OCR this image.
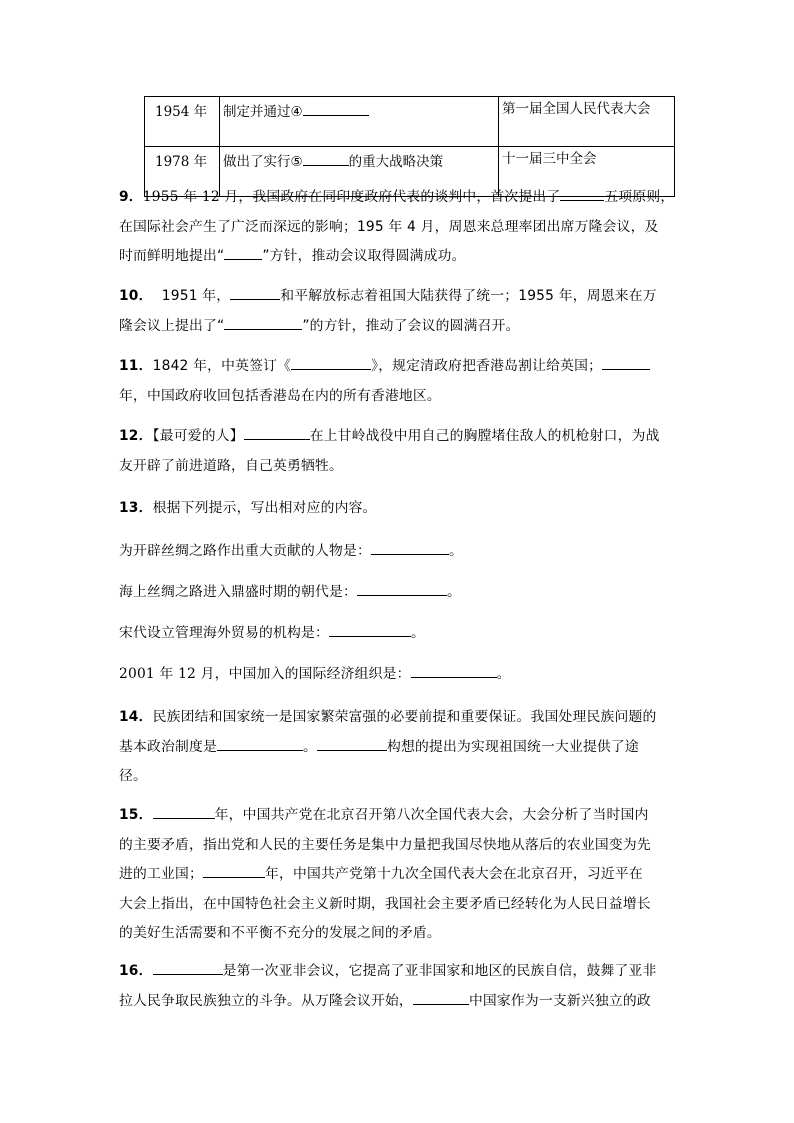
1954 年	制定并通过④	第一届全国人民代表大会
1978 年	做出了实行⑤ 的重大战略决策	十一届三中全会
9．1955 年 12 月，我国政府在同印度政府代表的谈判中，首次提出了	五项原则，
在国际社会产生了广泛而深远的影响；195 年 4 月，周恩来总理率团出席万隆会议，及
时而鲜明地提出“	”方针，推动会议取得圆满成功。
10． 1951 年，	和平解放标志着祖国大陆获得了统一；1955 年，周恩来在万
隆会议上提出了“	”的方针，推动了会议的圆满召开。
11．1842 年，中英签订《	》，规定清政府把香港岛割让给英国；
年，中国政府收回包括香港岛在内的所有香港地区。
12．【最可爱的人】	在上甘岭战役中用自己的胸膛堵住敌人的机枪射口，为战
友开辟了前进道路，自己英勇牺牲。
13．根据下列提示，写出相对应的内容。
为开辟丝绸之路作出重大贡献的人物是：	。
海上丝绸之路进入鼎盛时期的朝代是：	。
宋代设立管理海外贸易的机构是：	。
2001 年 12 月，中国加入的国际经济组织是：	。
14．民族团结和国家统一是国家繁荣富强的必要前提和重要保证。我国处理民族问题的
基本政治制度是	。	构想的提出为实现祖国统一大业提供了途
径。
15．	年，中国共产党在北京召开第八次全国代表大会，大会分析了当时国内
的主要矛盾，指出党和人民的主要任务是集中力量把我国尽快地从落后的农业国变为先
进的工业国；	年，中国共产党第十九次全国代表大会在北京召开，习近平在
大会上指出，在中国特色社会主义新时期，我国社会主要矛盾已经转化为人民日益增长
的美好生活需要和不平衡不充分的发展之间的矛盾。
16．	是第一次亚非会议，它提高了亚非国家和地区的民族自信，鼓舞了亚非
拉人民争取民族独立的斗争。从万隆会议开始，	中国家作为一支新兴独立的政
